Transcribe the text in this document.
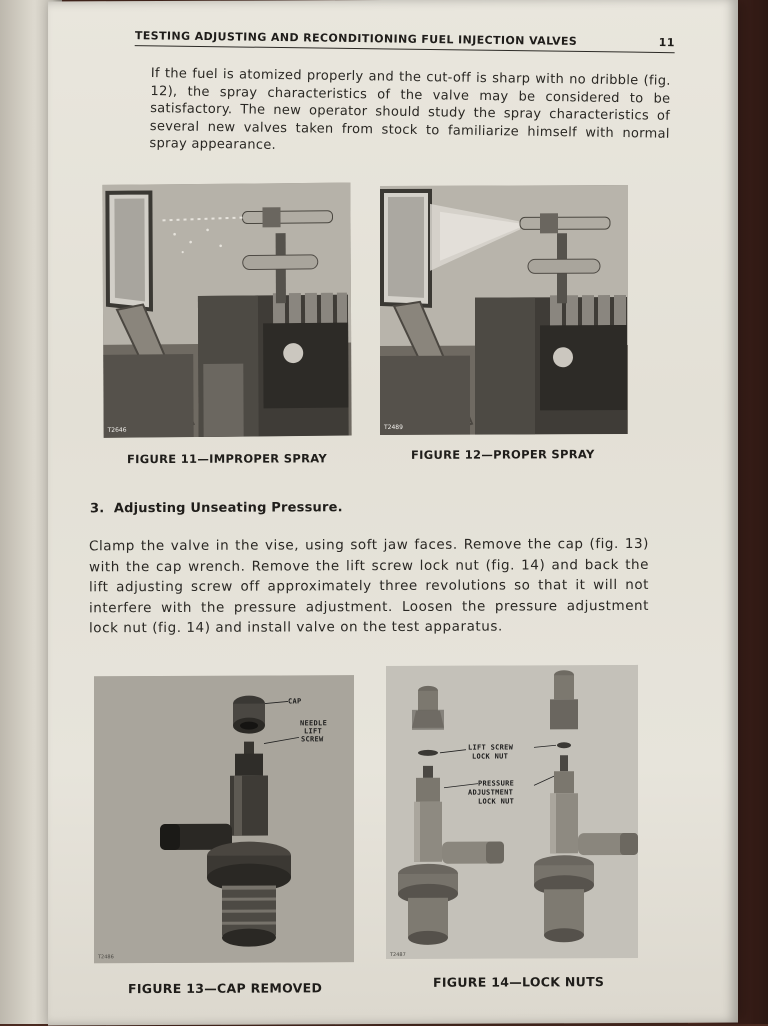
TESTING ADJUSTING AND RECONDITIONING FUEL INJECTION VALVES	11
If the fuel is atomized properly and the cut-off is sharp with no dribble (fig. 12), the spray characteristics of the valve may be considered to be satisfactory. The new operator should study the spray characteristics of several new valves taken from stock to familiarize himself with normal spray appearance.
T2646
FIGURE 11—IMPROPER SPRAY
T2489
FIGURE 12—PROPER SPRAY
3.  Adjusting Unseating Pressure.
Clamp the valve in the vise, using soft jaw faces. Remove the cap (fig. 13) with the cap wrench. Remove the lift screw lock nut (fig. 14) and back the lift adjusting screw off approximately three revolutions so that it will not interfere with the pressure adjustment. Loosen the pressure adjustment lock nut (fig. 14) and install valve on the test apparatus.
CAP
NEEDLE
LIFT
SCREW
T2486
FIGURE 13—CAP REMOVED
LIFT SCREW
LOCK NUT
PRESSURE
ADJUSTMENT
LOCK NUT
T2487
FIGURE 14—LOCK NUTS
